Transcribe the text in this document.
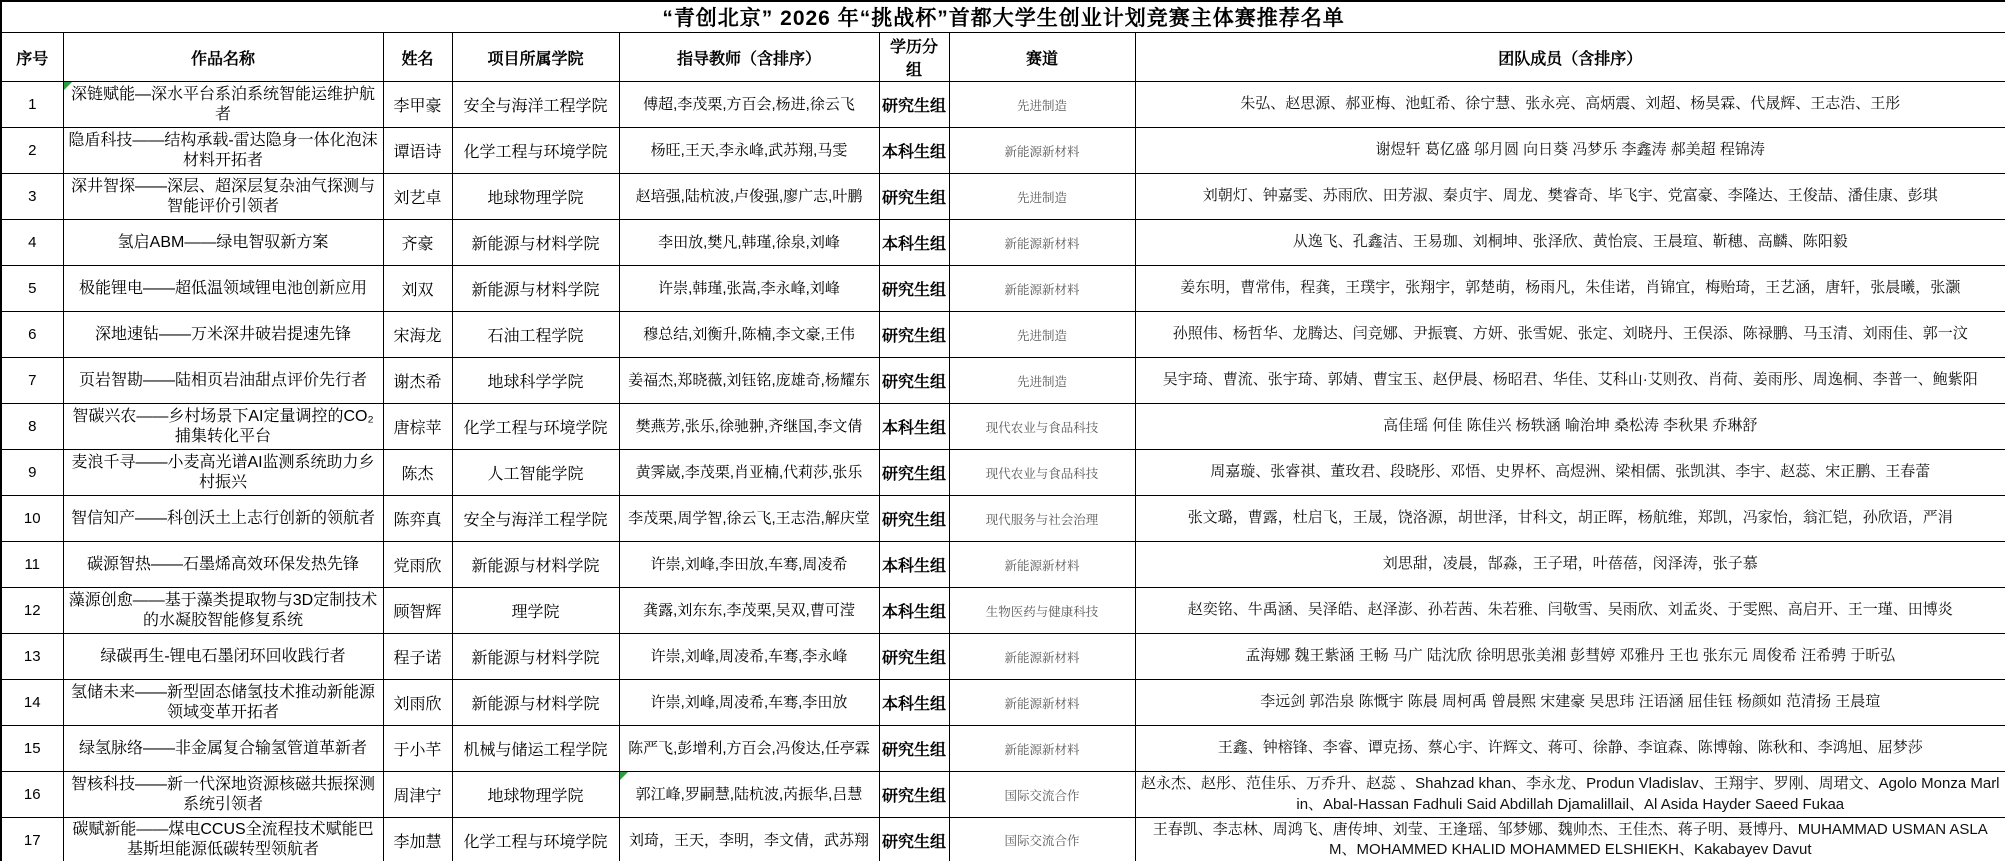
“青创北京” 2026 年“挑战杯”首都大学生创业计划竞赛主体赛推荐名单							
序号	作品名称	姓名	项目所属学院	指导教师（含排序）	学历分组	赛道	团队成员（含排序）
1	深链赋能—深水平台系泊系统智能运维护航者	李甲豪	安全与海洋工程学院	傅超,李茂栗,方百会,杨进,徐云飞	研究生组	先进制造	朱弘、赵思源、郝亚梅、池虹希、徐宁慧、张永亮、高炳震、刘超、杨昊霖、代晟辉、王志浩、王彤
2	隐盾科技——结构承载-雷达隐身一体化泡沫材料开拓者	谭语诗	化学工程与环境学院	杨旺,王天,李永峰,武苏翔,马雯	本科生组	新能源新材料	谢煜轩 葛亿盛 邬月圆 向日葵 冯梦乐 李鑫涛 郝美超 程锦涛
3	深井智探——深层、超深层复杂油气探测与智能评价引领者	刘艺卓	地球物理学院	赵培强,陆杭波,卢俊强,廖广志,叶鹏	研究生组	先进制造	刘朝灯、钟嘉雯、苏雨欣、田芳淑、秦贞宇、周龙、樊睿奇、毕飞宇、党富豪、李隆达、王俊喆、潘佳康、彭琪
4	氢启ABM——绿电智驭新方案	齐豪	新能源与材料学院	李田放,樊凡,韩瑾,徐泉,刘峰	本科生组	新能源新材料	从逸飞、孔鑫洁、王易珈、刘桐坤、张泽欣、黄怡宸、王晨瑄、靳穗、高麟、陈阳毅
5	极能锂电——超低温领域锂电池创新应用	刘双	新能源与材料学院	许崇,韩瑾,张嵩,李永峰,刘峰	研究生组	新能源新材料	姜东明，曹常伟，程龚，王璞宇，张翔宇，郭楚萌，杨雨凡，朱佳诺，肖锦宜，梅贻琦，王艺涵，唐轩，张晨曦，张灏
6	深地速钻——万米深井破岩提速先锋	宋海龙	石油工程学院	穆总结,刘衡升,陈楠,李文豪,王伟	研究生组	先进制造	孙照伟、杨哲华、龙腾达、闫竞娜、尹振寰、方妍、张雪妮、张定、刘晓丹、王俣添、陈禄鹏、马玉清、刘雨佳、郭一汶
7	页岩智勘——陆相页岩油甜点评价先行者	谢杰希	地球科学学院	姜福杰,郑晓薇,刘钰铭,庞雄奇,杨耀东	研究生组	先进制造	吴宇琦、曹流、张宇琦、郭婧、曹宝玉、赵伊晨、杨昭君、华佳、艾科山·艾则孜、肖荷、姜雨彤、周逸桐、李普一、鲍紫阳
8	智碳兴农——乡村场景下AI定量调控的CO₂捕集转化平台	唐棕苹	化学工程与环境学院	樊燕芳,张乐,徐驰翀,齐继国,李文倩	本科生组	现代农业与食品科技	高佳瑶 何佳 陈佳兴 杨轶涵 喻治坤 桑松涛 李秋果 乔琳舒
9	麦浪千寻——小麦高光谱AI监测系统助力乡村振兴	陈杰	人工智能学院	黄霁崴,李茂栗,肖亚楠,代莉莎,张乐	研究生组	现代农业与食品科技	周嘉璇、张睿祺、董玫君、段晓彤、邓悟、史界杯、高煜洲、梁相儒、张凯淇、李宇、赵蕊、宋正鹏、王春蕾
10	智信知产——科创沃土上志行创新的领航者	陈弈真	安全与海洋工程学院	李茂栗,周学智,徐云飞,王志浩,解庆堂	研究生组	现代服务与社会治理	张文璐，曹露，杜启飞，王晟，饶洛源，胡世泽，甘科文，胡正晖，杨航维，郑凯，冯家怡，翁汇铠，孙欣语，严涓
11	碳源智热——石墨烯高效环保发热先锋	党雨欣	新能源与材料学院	许崇,刘峰,李田放,车骞,周凌希	本科生组	新能源新材料	刘思甜，凌晨，郜淼，王子珺，叶蓓蓓，闵泽涛，张子慕
12	藻源创愈——基于藻类提取物与3D定制技术的水凝胶智能修复系统	顾智辉	理学院	龚露,刘东东,李茂栗,吴双,曹可滢	本科生组	生物医药与健康科技	赵奕铭、牛禹涵、吴泽皓、赵泽澎、孙若茜、朱若雅、闫敬雪、吴雨欣、刘孟炎、于雯熙、高启开、王一瑾、田博炎
13	绿碳再生-锂电石墨闭环回收践行者	程子诺	新能源与材料学院	许崇,刘峰,周凌希,车骞,李永峰	研究生组	新能源新材料	孟海娜 魏王紫涵 王畅 马广 陆沈欣 徐明思张美湘 彭彗婷 邓雅丹 王也 张东元 周俊希 汪希骋 于昕弘
14	氢储未来——新型固态储氢技术推动新能源领域变革开拓者	刘雨欣	新能源与材料学院	许崇,刘峰,周凌希,车骞,李田放	本科生组	新能源新材料	李远剑 郭浩泉 陈慨宇 陈晨 周柯禹 曾晨熙 宋建豪 吴思玮 汪语涵 屈佳钰 杨颜如 范清扬 王晨瑄
15	绿氢脉络——非金属复合输氢管道革新者	于小芊	机械与储运工程学院	陈严飞,彭增利,方百会,冯俊达,任亭霖	研究生组	新能源新材料	王鑫、钟榕锋、李睿、谭克扬、蔡心宇、许辉文、蒋可、徐静、李谊森、陈博翰、陈秋和、李鸿旭、屈梦莎
16	智核科技——新一代深地资源核磁共振探测系统引领者	周津宁	地球物理学院	郭江峰,罗嗣慧,陆杭波,芮振华,吕慧	研究生组	国际交流合作	赵永杰、赵彤、范佳乐、万乔升、赵蕊 、Shahzad khan、李永龙、Produn Vladislav、王翔宇、罗刚、周珺文、Agolo Monza Marlin、Abal-Hassan Fadhuli Said Abdillah Djamalillail、Al Asida Hayder Saeed Fukaa
17	碳赋新能——煤电CCUS全流程技术赋能巴基斯坦能源低碳转型领航者	李加慧	化学工程与环境学院	刘琦，王天，李明，李文倩，武苏翔	研究生组	国际交流合作	王春凯、李志林、周鸿飞、唐传坤、刘莹、王逢瑶、邹梦娜、魏帅杰、王佳杰、蒋子明、聂博丹、MUHAMMAD USMAN ASLAM、MOHAMMED KHALID MOHAMMED ELSHIEKH、Kakabayev Davut
